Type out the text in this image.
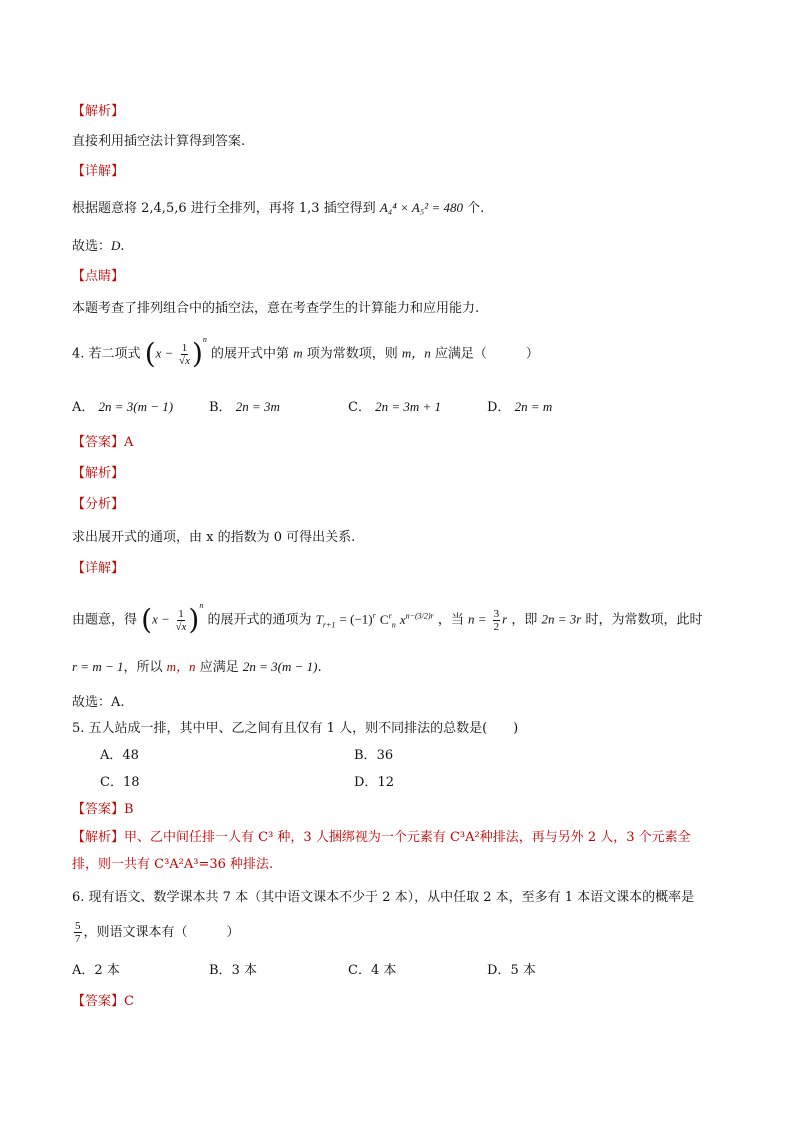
【解析】
直接利用插空法计算得到答案.
【详解】
根据题意将 2,4,5,6 进行全排列，再将 1,3 插空得到 A₄⁴ × A₅² = 480 个.
故选：D.
【点睛】
本题考查了排列组合中的插空法，意在考查学生的计算能力和应用能力.
4. 若二项式 $(x - \frac{1}{√x} )^n$ 的展开式中第 m 项为常数项，则 m，n 应满足（　　　）
A． 2n = 3(m − 1)	B． 2n = 3m	C． 2n = 3m + 1	D． 2n = m
【答案】A
【解析】
【分析】
求出展开式的通项，由 x 的指数为 0 可得出关系.
【详解】
由题意，得 $(x - \frac{1}{√x} )^n$ 的展开式的通项为 $T_{r+1} = (-1)^r$ $C^r_n$ $x^{n-(3/2)r}$ ，当 $n = \frac{3}{2}$ r ，即 2n = 3r 时，为常数项，此时
r = m − 1，所以 m，n 应满足 2n = 3(m − 1).
故选：A.
5. 五人站成一排，其中甲、乙之间有且仅有 1 人，则不同排法的总数是(　　)
A．48	B．36
C．18	D．12
【答案】B
【解析】甲、乙中间任排一人有 C³ 种，3 人捆绑视为一个元素有 C³A²种排法，再与另外 2 人，3 个元素全
排，则一共有 C³A²A³=36 种排法.
6. 现有语文、数学课本共 7 本（其中语文课本不少于 2 本），从中任取 2 本，至多有 1 本语文课本的概率是
$\frac{5}{7}$ ，则语文课本有（　　　）
A．2 本	B．3 本	C．4 本	D．5 本
【答案】C
